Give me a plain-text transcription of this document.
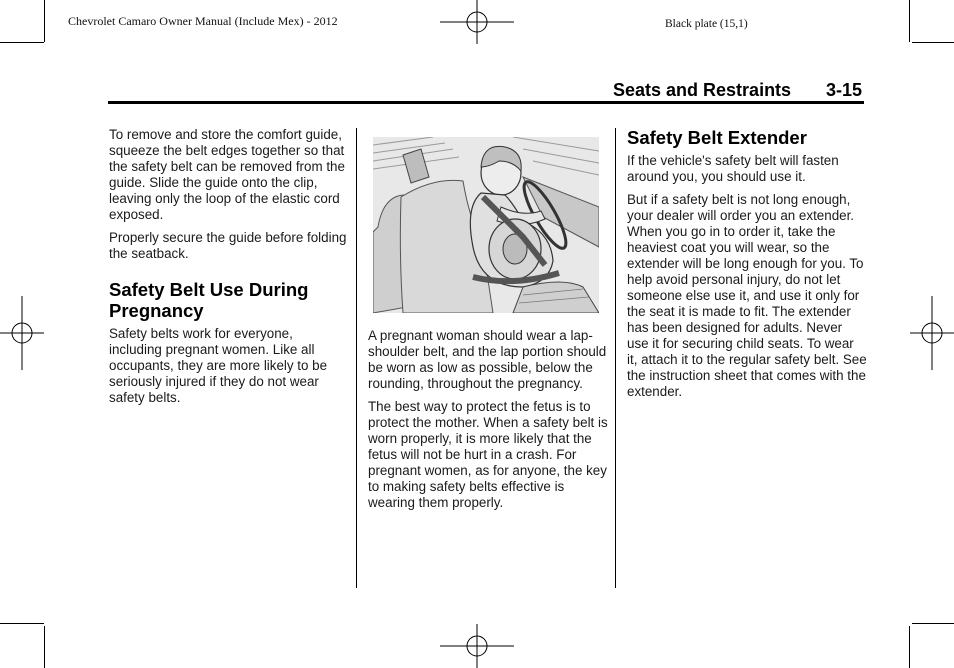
Chevrolet Camaro Owner Manual (Include Mex) - 2012	Black plate (15,1)
Seats and Restraints 3-15

To remove and store the comfort guide, squeeze the belt edges together so that the safety belt can be removed from the guide. Slide the guide onto the clip, leaving only the loop of the elastic cord exposed.

Properly secure the guide before folding the seatback.

Safety Belt Use During Pregnancy

Safety belts work for everyone, including pregnant women. Like all occupants, they are more likely to be seriously injured if they do not wear safety belts.

A pregnant woman should wear a lap-shoulder belt, and the lap portion should be worn as low as possible, below the rounding, throughout the pregnancy.

The best way to protect the fetus is to protect the mother. When a safety belt is worn properly, it is more likely that the fetus will not be hurt in a crash. For pregnant women, as for anyone, the key to making safety belts effective is wearing them properly.

Safety Belt Extender

If the vehicle's safety belt will fasten around you, you should use it.

But if a safety belt is not long enough, your dealer will order you an extender. When you go in to order it, take the heaviest coat you will wear, so the extender will be long enough for you. To help avoid personal injury, do not let someone else use it, and use it only for the seat it is made to fit. The extender has been designed for adults. Never use it for securing child seats. To wear it, attach it to the regular safety belt. See the instruction sheet that comes with the extender.
